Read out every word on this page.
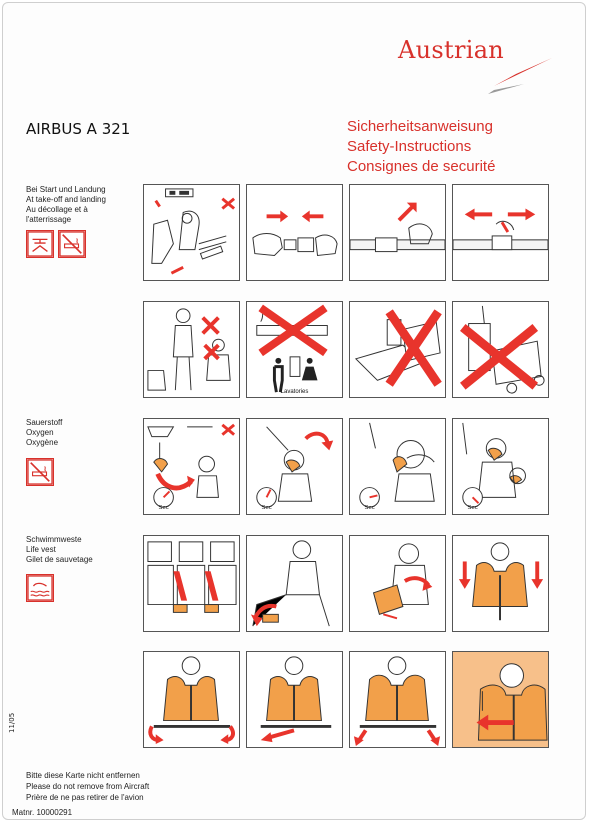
Austrian
AIRBUS A 321	Sicherheitsanweisung
Safety-Instructions
Consignes de securité
Bei Start und Landung
At take-off and landing
Au décollage et à
l'atterrissage
Sauerstoff
Oxygen
Oxygène
Schwimmweste
Life vest
Gilet de sauvetage
Lavatories
Sec	Sec	Sec	Sec
11/05
Bitte diese Karte nicht entfernen
Please do not remove from Aircraft
Prière de ne pas retirer de l'avion
Matnr. 10000291
